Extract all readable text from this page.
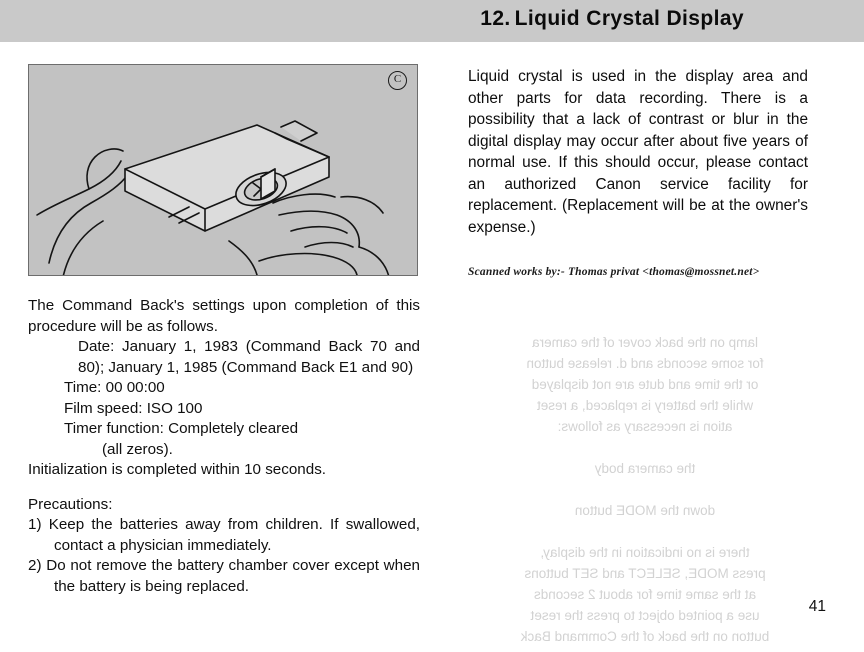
12. Liquid Crystal Display
lamp on the back cover of the camera
for some seconds and d. release button
or the time and dute are not displayed
while the battery is replaced, a reset
ation is necessary as follows:

the camera body

down the MODE button

there is no indication in the display,
press MODE, SELECT and SET buttons
at the same time for about 2 seconds
use a pointed object to press the reset
button on the back of the Command Back
C

The Command Back's settings upon completion of this procedure will be as follows.

Date: January 1, 1983 (Command Back 70 and 80); January 1, 1985 (Command Back E1 and 90)

Time: 00 00:00

Film speed: ISO 100

Timer function: Completely cleared

(all zeros).

Initialization is completed within 10 seconds.

Precautions:

1) Keep the batteries away from children. If swallowed, contact a physician immediately.

2) Do not remove the battery chamber cover except when the battery is being replaced.

Liquid crystal is used in the display area and other parts for data recording. There is a possibility that a lack of contrast or blur in the digital display may occur after about five years of normal use. If this should occur, please contact an authorized Canon service facility for replacement. (Replacement will be at the owner's expense.)

Scanned works by:- Thomas privat <thomas@mossnet.net>
41
